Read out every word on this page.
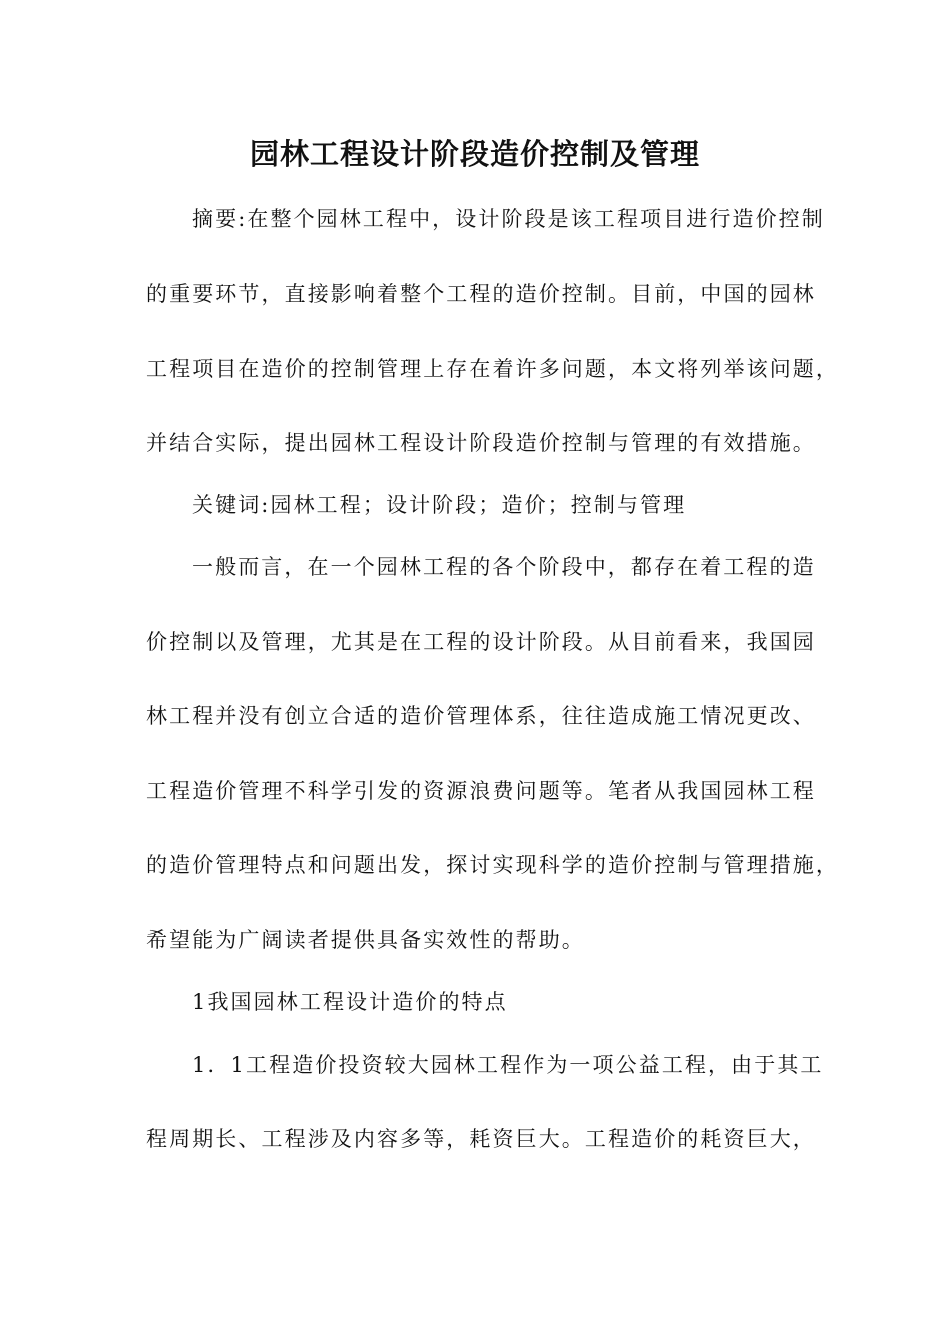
园林工程设计阶段造价控制及管理
摘要:在整个园林工程中，设计阶段是该工程项目进行造价控制
的重要环节，直接影响着整个工程的造价控制。目前，中国的园林
工程项目在造价的控制管理上存在着许多问题，本文将列举该问题，
并结合实际，提出园林工程设计阶段造价控制与管理的有效措施。
关键词:园林工程；设计阶段；造价；控制与管理
一般而言，在一个园林工程的各个阶段中，都存在着工程的造
价控制以及管理，尤其是在工程的设计阶段。从目前看来，我国园
林工程并没有创立合适的造价管理体系，往往造成施工情况更改、
工程造价管理不科学引发的资源浪费问题等。笔者从我国园林工程
的造价管理特点和问题出发，探讨实现科学的造价控制与管理措施，
希望能为广阔读者提供具备实效性的帮助。
1我国园林工程设计造价的特点
1．1工程造价投资较大园林工程作为一项公益工程，由于其工
程周期长、工程涉及内容多等，耗资巨大。工程造价的耗资巨大，
